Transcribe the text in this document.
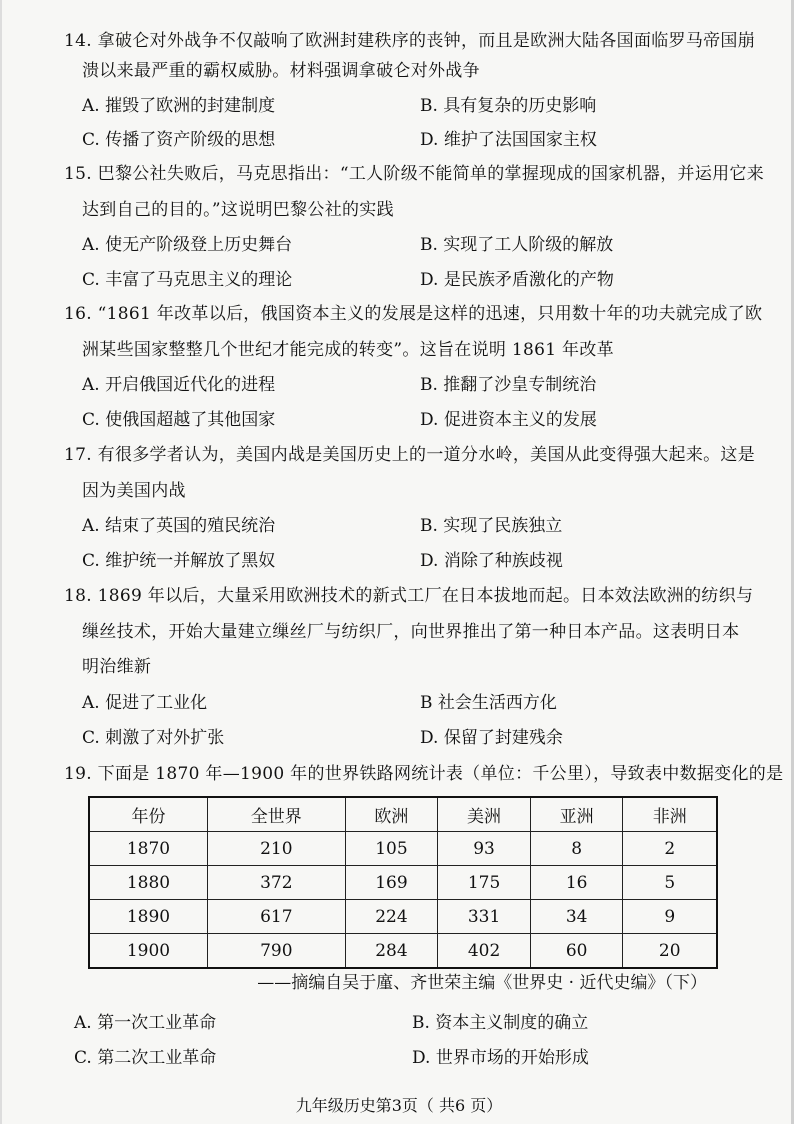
14. 拿破仑对外战争不仅敲响了欧洲封建秩序的丧钟，而且是欧洲大陆各国面临罗马帝国崩
溃以来最严重的霸权威胁。材料强调拿破仑对外战争
A. 摧毁了欧洲的封建制度	B. 具有复杂的历史影响
C. 传播了资产阶级的思想	D. 维护了法国国家主权
15. 巴黎公社失败后，马克思指出：“工人阶级不能简单的掌握现成的国家机器，并运用它来
达到自己的目的。”这说明巴黎公社的实践
A. 使无产阶级登上历史舞台	B. 实现了工人阶级的解放
C. 丰富了马克思主义的理论	D. 是民族矛盾激化的产物
16. “1861 年改革以后，俄国资本主义的发展是这样的迅速，只用数十年的功夫就完成了欧
洲某些国家整整几个世纪才能完成的转变”。这旨在说明 1861 年改革
A. 开启俄国近代化的进程	B. 推翻了沙皇专制统治
C. 使俄国超越了其他国家	D. 促进资本主义的发展
17. 有很多学者认为，美国内战是美国历史上的一道分水岭，美国从此变得强大起来。这是
因为美国内战
A. 结束了英国的殖民统治	B. 实现了民族独立
C. 维护统一并解放了黑奴	D. 消除了种族歧视
18. 1869 年以后，大量采用欧洲技术的新式工厂在日本拔地而起。日本效法欧洲的纺织与
缫丝技术，开始大量建立缫丝厂与纺织厂，向世界推出了第一种日本产品。这表明日本
明治维新
A. 促进了工业化	B 社会生活西方化
C. 刺激了对外扩张	D. 保留了封建残余
19. 下面是 1870 年—1900 年的世界铁路网统计表（单位：千公里），导致表中数据变化的是
年份	全世界	欧洲	美洲	亚洲	非洲
1870	210	105	93	8	2
1880	372	169	175	16	5
1890	617	224	331	34	9
1900	790	284	402	60	20
——摘编自吴于廑、齐世荣主编《世界史 · 近代史编》（下）
A. 第一次工业革命	B. 资本主义制度的确立
C. 第二次工业革命	D. 世界市场的开始形成
九年级历史第3页（ 共6 页）
